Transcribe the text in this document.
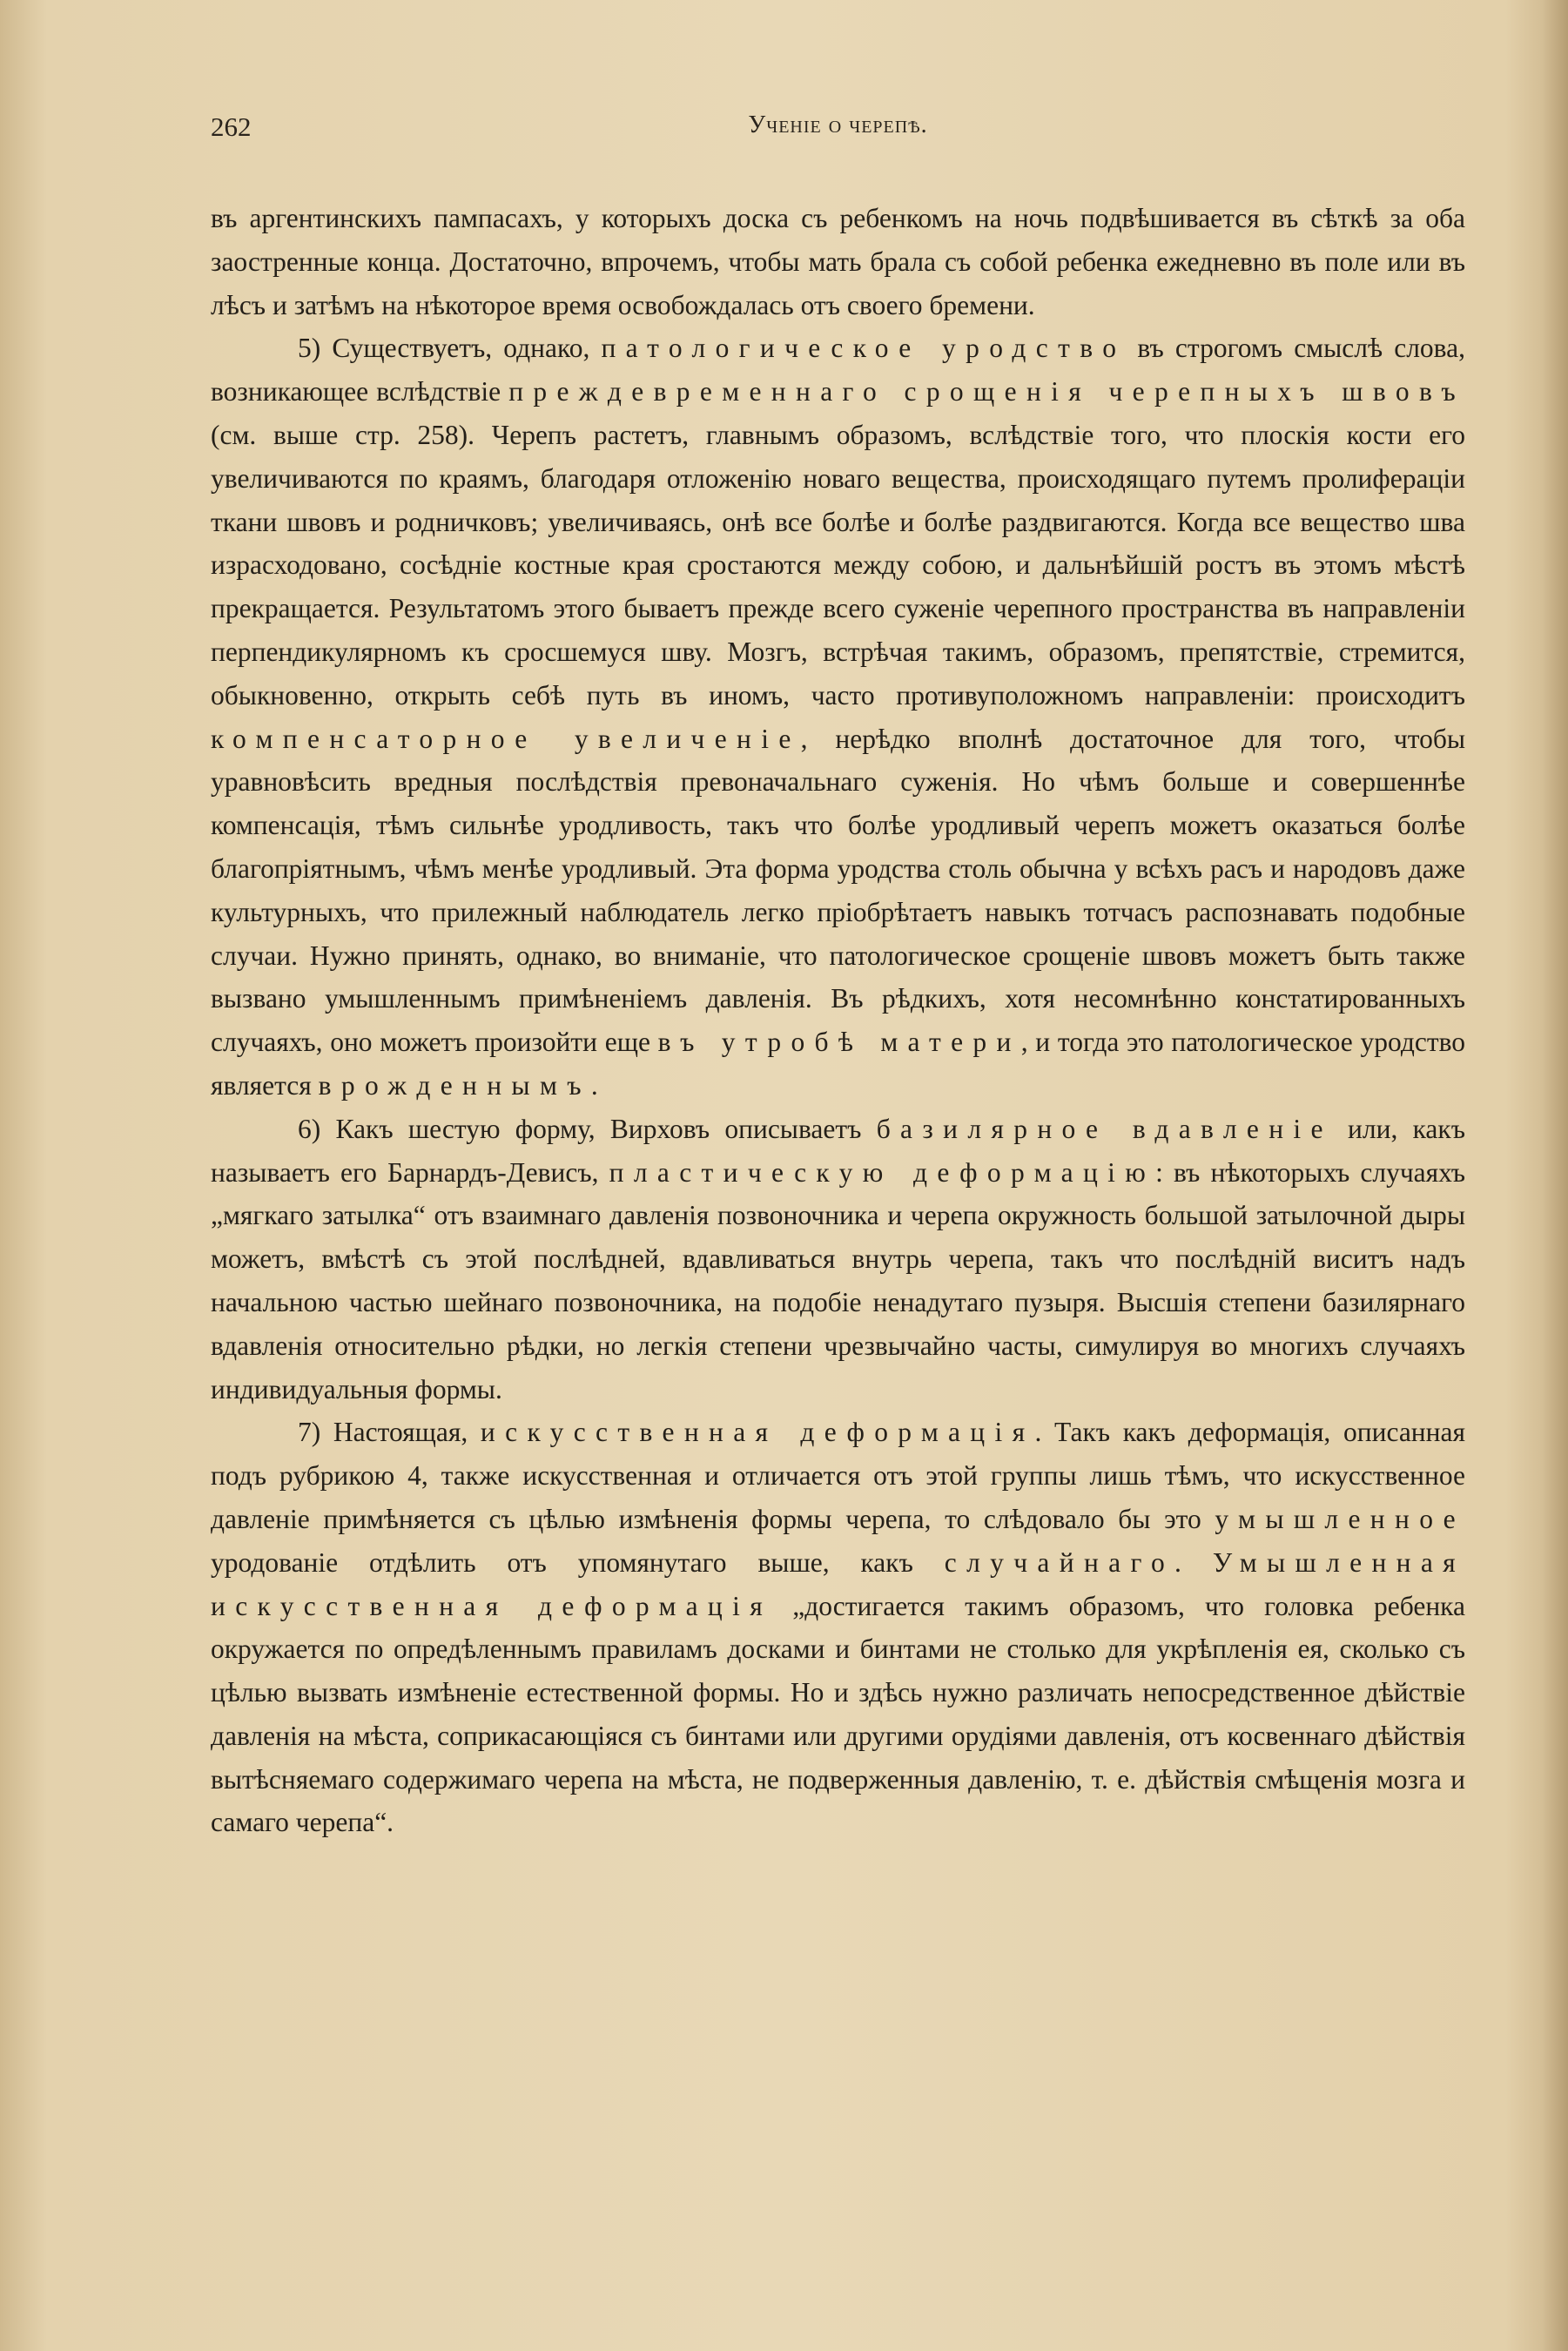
262	Ученіе о черепѣ.

въ аргентинскихъ пампасахъ, у которыхъ доска съ ребенкомъ на ночь подвѣшивается въ сѣткѣ за оба заостренные конца. Достаточно, впрочемъ, чтобы мать брала съ собой ребенка ежедневно въ поле или въ лѣсъ и затѣмъ на нѣкоторое время освобождалась отъ своего бремени.

5) Существуетъ, однако, патологическое уродство въ строгомъ смыслѣ слова, возникающее вслѣдствіе преждевременнаго срощенія черепныхъ швовъ (см. выше стр. 258). Черепъ растетъ, главнымъ образомъ, вслѣдствіе того, что плоскія кости его увеличиваются по краямъ, благодаря отложенію новаго вещества, происходящаго путемъ пролифераціи ткани швовъ и родничковъ; увеличиваясь, онѣ все болѣе и болѣе раздвигаются. Когда все вещество шва израсходовано, сосѣдніе костные края сростаются между собою, и дальнѣйшій ростъ въ этомъ мѣстѣ прекращается. Результатомъ этого бываетъ прежде всего суженіе черепного пространства въ направленіи перпендикулярномъ къ сросшемуся шву. Мозгъ, встрѣчая такимъ, образомъ, препятствіе, стремится, обыкновенно, открыть себѣ путь въ иномъ, часто противуположномъ направленіи: происходитъ компенсаторное увеличеніе, нерѣдко вполнѣ достаточное для того, чтобы уравновѣсить вредныя послѣдствія превоначальнаго суженія. Но чѣмъ больше и совершеннѣе компенсація, тѣмъ сильнѣе уродливость, такъ что болѣе уродливый черепъ можетъ оказаться болѣе благопріятнымъ, чѣмъ менѣе уродливый. Эта форма уродства столь обычна у всѣхъ расъ и народовъ даже культурныхъ, что прилежный наблюдатель легко пріобрѣтаетъ навыкъ тотчасъ распознавать подобные случаи. Нужно принять, однако, во вниманіе, что патологическое срощеніе швовъ можетъ быть также вызвано умышленнымъ примѣненіемъ давленія. Въ рѣдкихъ, хотя несомнѣнно констатированныхъ случаяхъ, оно можетъ произойти еще въ утробѣ матери, и тогда это патологическое уродство является врожденнымъ.

6) Какъ шестую форму, Вирховъ описываетъ базилярное вдавленіе или, какъ называетъ его Барнардъ-Девисъ, пластическую деформацію: въ нѣкоторыхъ случаяхъ „мягкаго затылка“ отъ взаимнаго давленія позвоночника и черепа окружность большой затылочной дыры можетъ, вмѣстѣ съ этой послѣдней, вдавливаться внутрь черепа, такъ что послѣдній виситъ надъ начальною частью шейнаго позвоночника, на подобіе ненадутаго пузыря. Высшія степени базилярнаго вдавленія относительно рѣдки, но легкія степени чрезвычайно часты, симулируя во многихъ случаяхъ индивидуальныя формы.

7) Настоящая, искусственная деформація. Такъ какъ деформація, описанная подъ рубрикою 4, также искусственная и отличается отъ этой группы лишь тѣмъ, что искусственное давленіе примѣняется съ цѣлью измѣненія формы черепа, то слѣдовало бы это умышленное уродованіе отдѣлить отъ упомянутаго выше, какъ случайнаго. Умышленная искусственная деформація „достигается такимъ образомъ, что головка ребенка окружается по опредѣленнымъ правиламъ досками и бинтами не столько для укрѣпленія ея, сколько съ цѣлью вызвать измѣненіе естественной формы. Но и здѣсь нужно различать непосредственное дѣйствіе давленія на мѣста, соприкасающіяся съ бинтами или другими орудіями давленія, отъ косвеннаго дѣйствія вытѣсняемаго содержимаго черепа на мѣста, не подверженныя давленію, т. е. дѣйствія смѣщенія мозга и самаго черепа“.
